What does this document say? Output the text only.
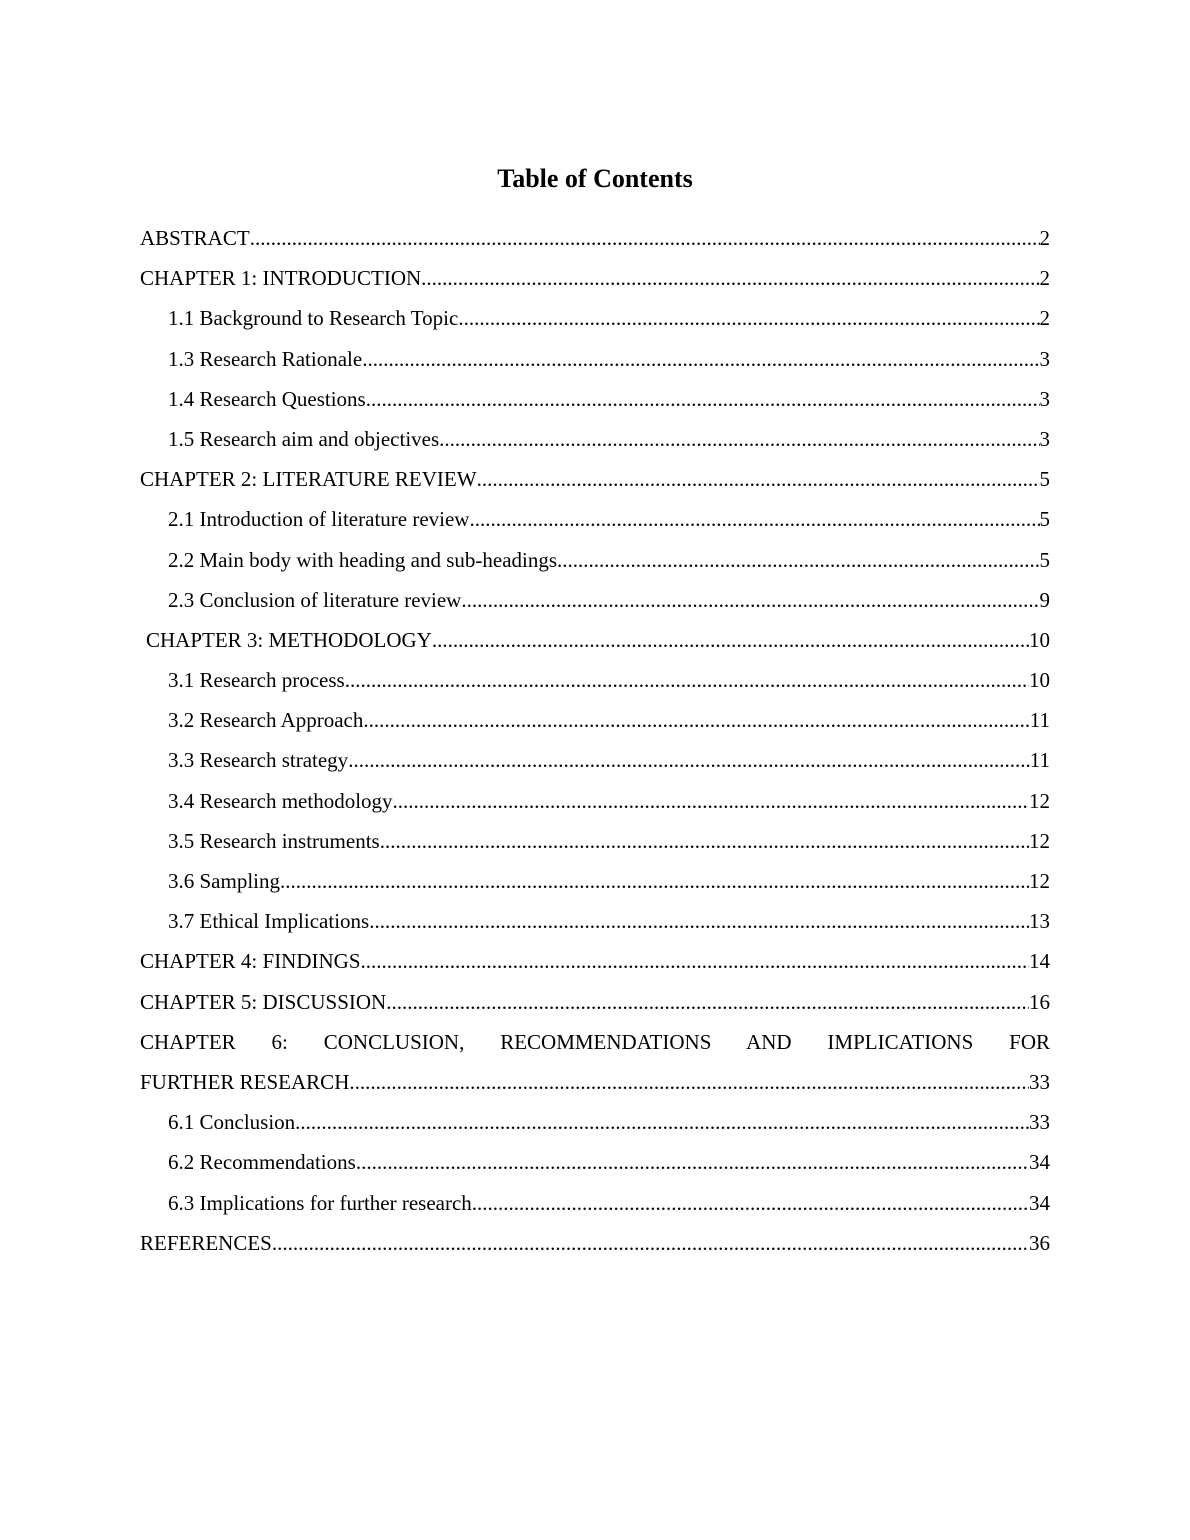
Table of Contents
ABSTRACT .....	2
CHAPTER 1: INTRODUCTION .....	2
1.1 Background to Research Topic .....	2
1.3 Research Rationale .....	3
1.4 Research Questions .....	3
1.5 Research aim and objectives .....	3
CHAPTER 2: LITERATURE REVIEW .....	5
2.1 Introduction of literature review .....	5
2.2 Main body with heading and sub-headings .....	5
2.3 Conclusion of literature review .....	9
CHAPTER 3: METHODOLOGY .....	10
3.1 Research process .....	10
3.2 Research Approach .....	11
3.3 Research strategy .....	11
3.4 Research methodology .....	12
3.5 Research instruments .....	12
3.6 Sampling .....	12
3.7 Ethical Implications .....	13
CHAPTER 4: FINDINGS .....	14
CHAPTER 5: DISCUSSION .....	16
CHAPTER 6: CONCLUSION, RECOMMENDATIONS AND IMPLICATIONS FOR
FURTHER RESEARCH .....	33
6.1 Conclusion .....	33
6.2 Recommendations .....	34
6.3 Implications for further research .....	34
REFERENCES .....	36
